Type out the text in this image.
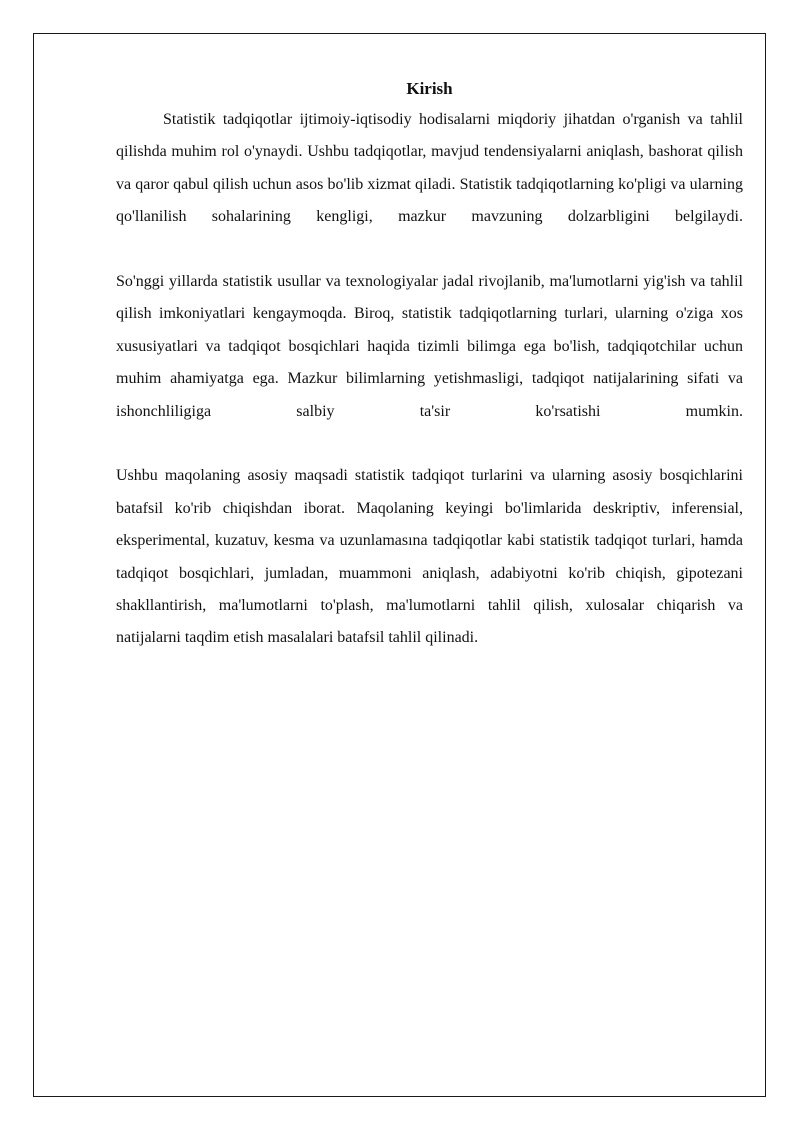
Kirish

Statistik tadqiqotlar ijtimoiy-iqtisodiy hodisalarni miqdoriy jihatdan o'rganish va tahlil qilishda muhim rol o'ynaydi. Ushbu tadqiqotlar, mavjud tendensiyalarni aniqlash, bashorat qilish va qaror qabul qilish uchun asos bo'lib xizmat qiladi. Statistik tadqiqotlarning ko'pligi va ularning qo'llanilish sohalarining kengligi, mazkur mavzuning dolzarbligini belgilaydi.

So'nggi yillarda statistik usullar va texnologiyalar jadal rivojlanib, ma'lumotlarni yig'ish va tahlil qilish imkoniyatlari kengaymoqda. Biroq, statistik tadqiqotlarning turlari, ularning o'ziga xos xususiyatlari va tadqiqot bosqichlari haqida tizimli bilimga ega bo'lish, tadqiqotchilar uchun muhim ahamiyatga ega. Mazkur bilimlarning yetishmasligi, tadqiqot natijalarining sifati va ishonchliligiga salbiy ta'sir ko'rsatishi mumkin.

Ushbu maqolaning asosiy maqsadi statistik tadqiqot turlarini va ularning asosiy bosqichlarini batafsil ko'rib chiqishdan iborat. Maqolaning keyingi bo'limlarida deskriptiv, inferensial, eksperimental, kuzatuv, kesma va uzunlamasına tadqiqotlar kabi statistik tadqiqot turlari, hamda tadqiqot bosqichlari, jumladan, muammoni aniqlash, adabiyotni ko'rib chiqish, gipotezani shakllantirish, ma'lumotlarni to'plash, ma'lumotlarni tahlil qilish, xulosalar chiqarish va natijalarni taqdim etish masalalari batafsil tahlil qilinadi.
